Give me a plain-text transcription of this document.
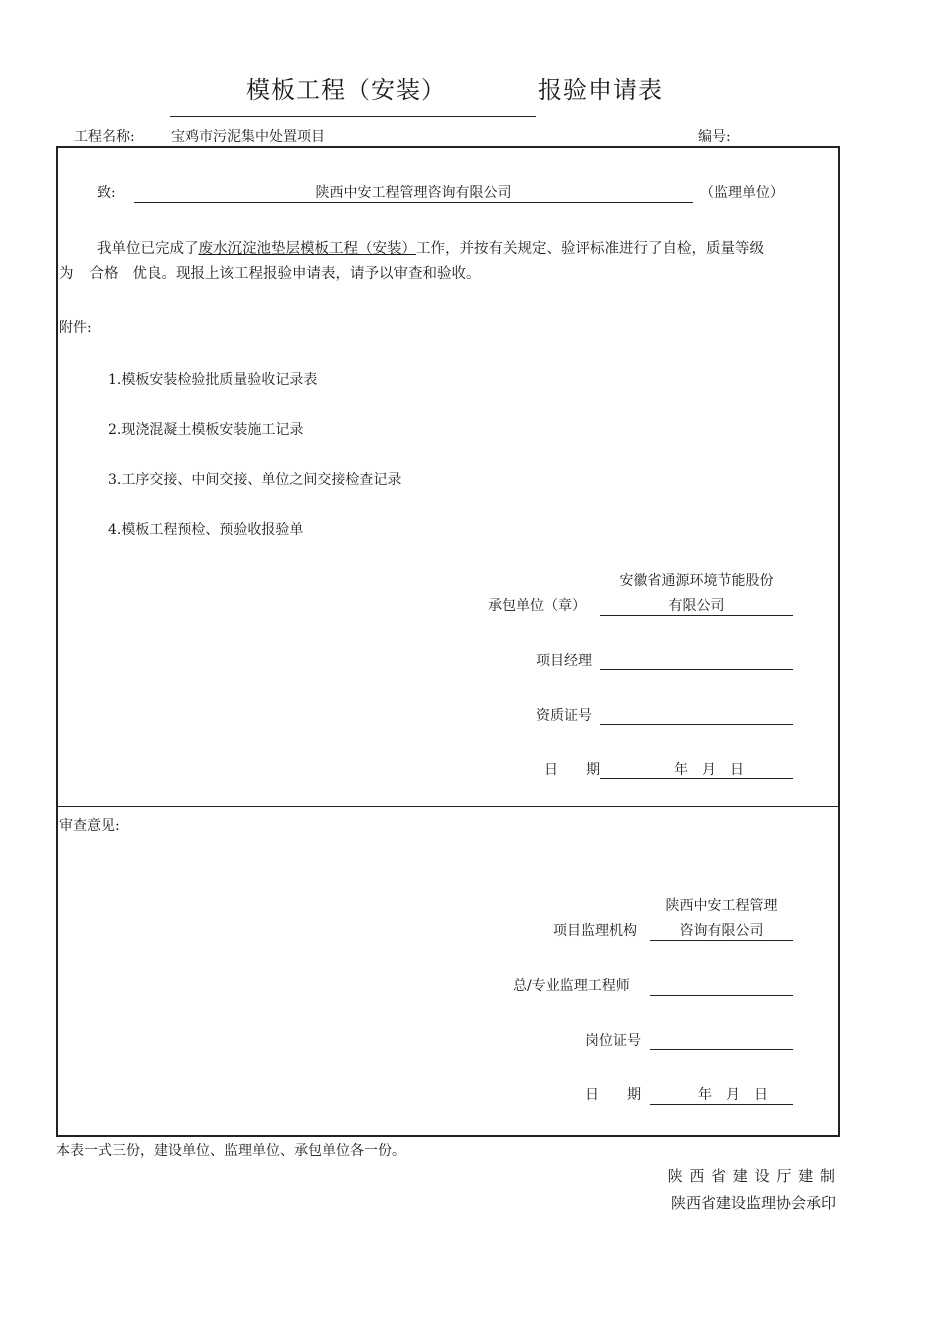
模板工程（安装）	报验申请表
工程名称:	宝鸡市污泥集中处置项目	编号:
致:	陕西中安工程管理咨询有限公司	（监理单位）
我单位已完成了废水沉淀池垫层模板工程（安装）工作，并按有关规定、验评标准进行了自检，质量等级
为 合格 优良。现报上该工程报验申请表，请予以审查和验收。
附件:
1.模板安装检验批质量验收记录表
2.现浇混凝土模板安装施工记录
3.工序交接、中间交接、单位之间交接检查记录
4.模板工程预检、预验收报验单
安徽省通源环境节能股份
承包单位（章）	有限公司
项目经理
资质证号
日　　期	年　月　日
审查意见:
陕西中安工程管理
项目监理机构	咨询有限公司
总/专业监理工程师
岗位证号
日　　期	年　月　日
本表一式三份，建设单位、监理单位、承包单位各一份。
陕 西 省 建 设 厅 建 制
陕西省建设监理协会承印
